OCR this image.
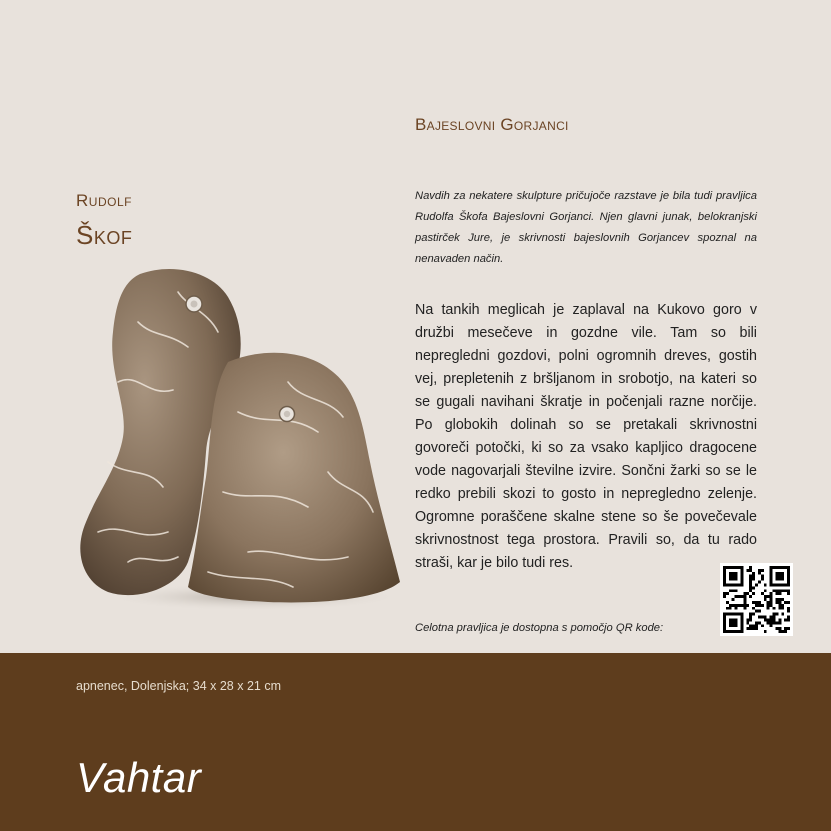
Rudolf
Škof
Bajeslovni Gorjanci
Navdih za nekatere skulpture pričujoče razstave je bila tudi pravljica Rudolfa Škofa Bajeslovni Gorjanci. Njen glavni junak, belokranjski pastirček Jure, je skrivnosti bajeslovnih Gorjancev spoznal na nenavaden način.
Na tankih meglicah je zaplaval na Kukovo goro v družbi mesečeve in gozdne vile. Tam so bili nepregledni gozdovi, polni ogromnih dreves, gostih vej, prepletenih z bršljanom in srobotjo, na kateri so se gugali navihani škratje in počenjali razne norčije. Po globokih dolinah so se pretakali skrivnostni govoreči potočki, ki so za vsako kapljico dragocene vode nagovarjali številne izvire. Sončni žarki so se le redko prebili skozi to gosto in nepregledno zelenje. Ogromne poraščene skalne stene so še povečevale skrivnostnost tega prostora. Pravili so, da tu rado straši, kar je bilo tudi res.
Celotna pravljica je dostopna s pomočjo QR kode:
apnenec, Dolenjska; 34 x 28 x 21 cm
Vahtar
